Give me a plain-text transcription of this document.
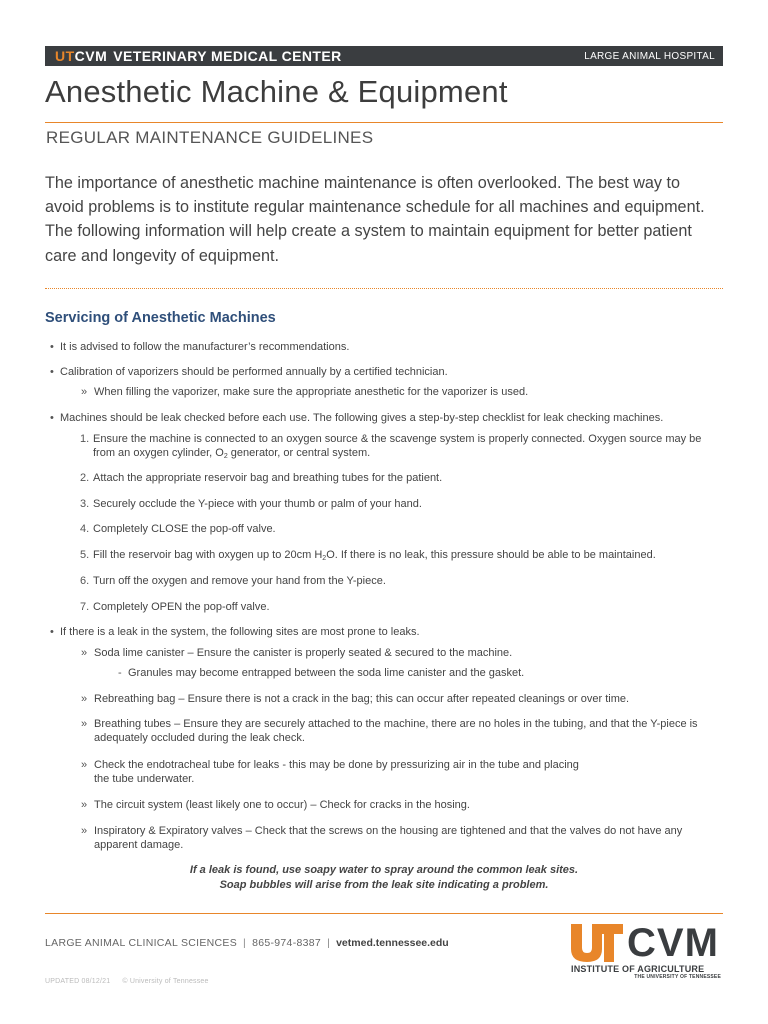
UT CVM VETERINARY MEDICAL CENTER	LARGE ANIMAL HOSPITAL
Anesthetic Machine & Equipment
REGULAR MAINTENANCE GUIDELINES

The importance of anesthetic machine maintenance is often overlooked. The best way to avoid problems is to institute regular maintenance schedule for all machines and equipment. The following information will help create a system to maintain equipment for better patient care and longevity of equipment.

Servicing of Anesthetic Machines
• It is advised to follow the manufacturer’s recommendations.
• Calibration of vaporizers should be performed annually by a certified technician.
» When filling the vaporizer, make sure the appropriate anesthetic for the vaporizer is used.
• Machines should be leak checked before each use. The following gives a step-by-step checklist for leak checking machines.
1. Ensure the machine is connected to an oxygen source & the scavenge system is properly connected. Oxygen source may be from an oxygen cylinder, $O_2$ generator, or central system.
2. Attach the appropriate reservoir bag and breathing tubes for the patient.
3. Securely occlude the Y-piece with your thumb or palm of your hand.
4. Completely CLOSE the pop-off valve.
5. Fill the reservoir bag with oxygen up to 20cm $H_2O$. If there is no leak, this pressure should be able to be maintained.
6. Turn off the oxygen and remove your hand from the Y-piece.
7. Completely OPEN the pop-off valve.
• If there is a leak in the system, the following sites are most prone to leaks.
» Soda lime canister – Ensure the canister is properly seated & secured to the machine.
- Granules may become entrapped between the soda lime canister and the gasket.
» Rebreathing bag – Ensure there is not a crack in the bag; this can occur after repeated cleanings or over time.
» Breathing tubes – Ensure they are securely attached to the machine, there are no holes in the tubing, and that the Y-piece is adequately occluded during the leak check.
» Check the endotracheal tube for leaks - this may be done by pressurizing air in the tube and placing
the tube underwater.
» The circuit system (least likely one to occur) – Check for cracks in the hosing.
» Inspiratory & Expiratory valves – Check that the screws on the housing are tightened and that the valves do not have any apparent damage.
If a leak is found, use soapy water to spray around the common leak sites.
Soap bubbles will arise from the leak site indicating a problem.
LARGE ANIMAL CLINICAL SCIENCES | 865-974-8387 | vetmed.tennessee.edu
UPDATED 08/12/21 © University of Tennessee
CVM
INSTITUTE OF AGRICULTURE
THE UNIVERSITY OF TENNESSEE
